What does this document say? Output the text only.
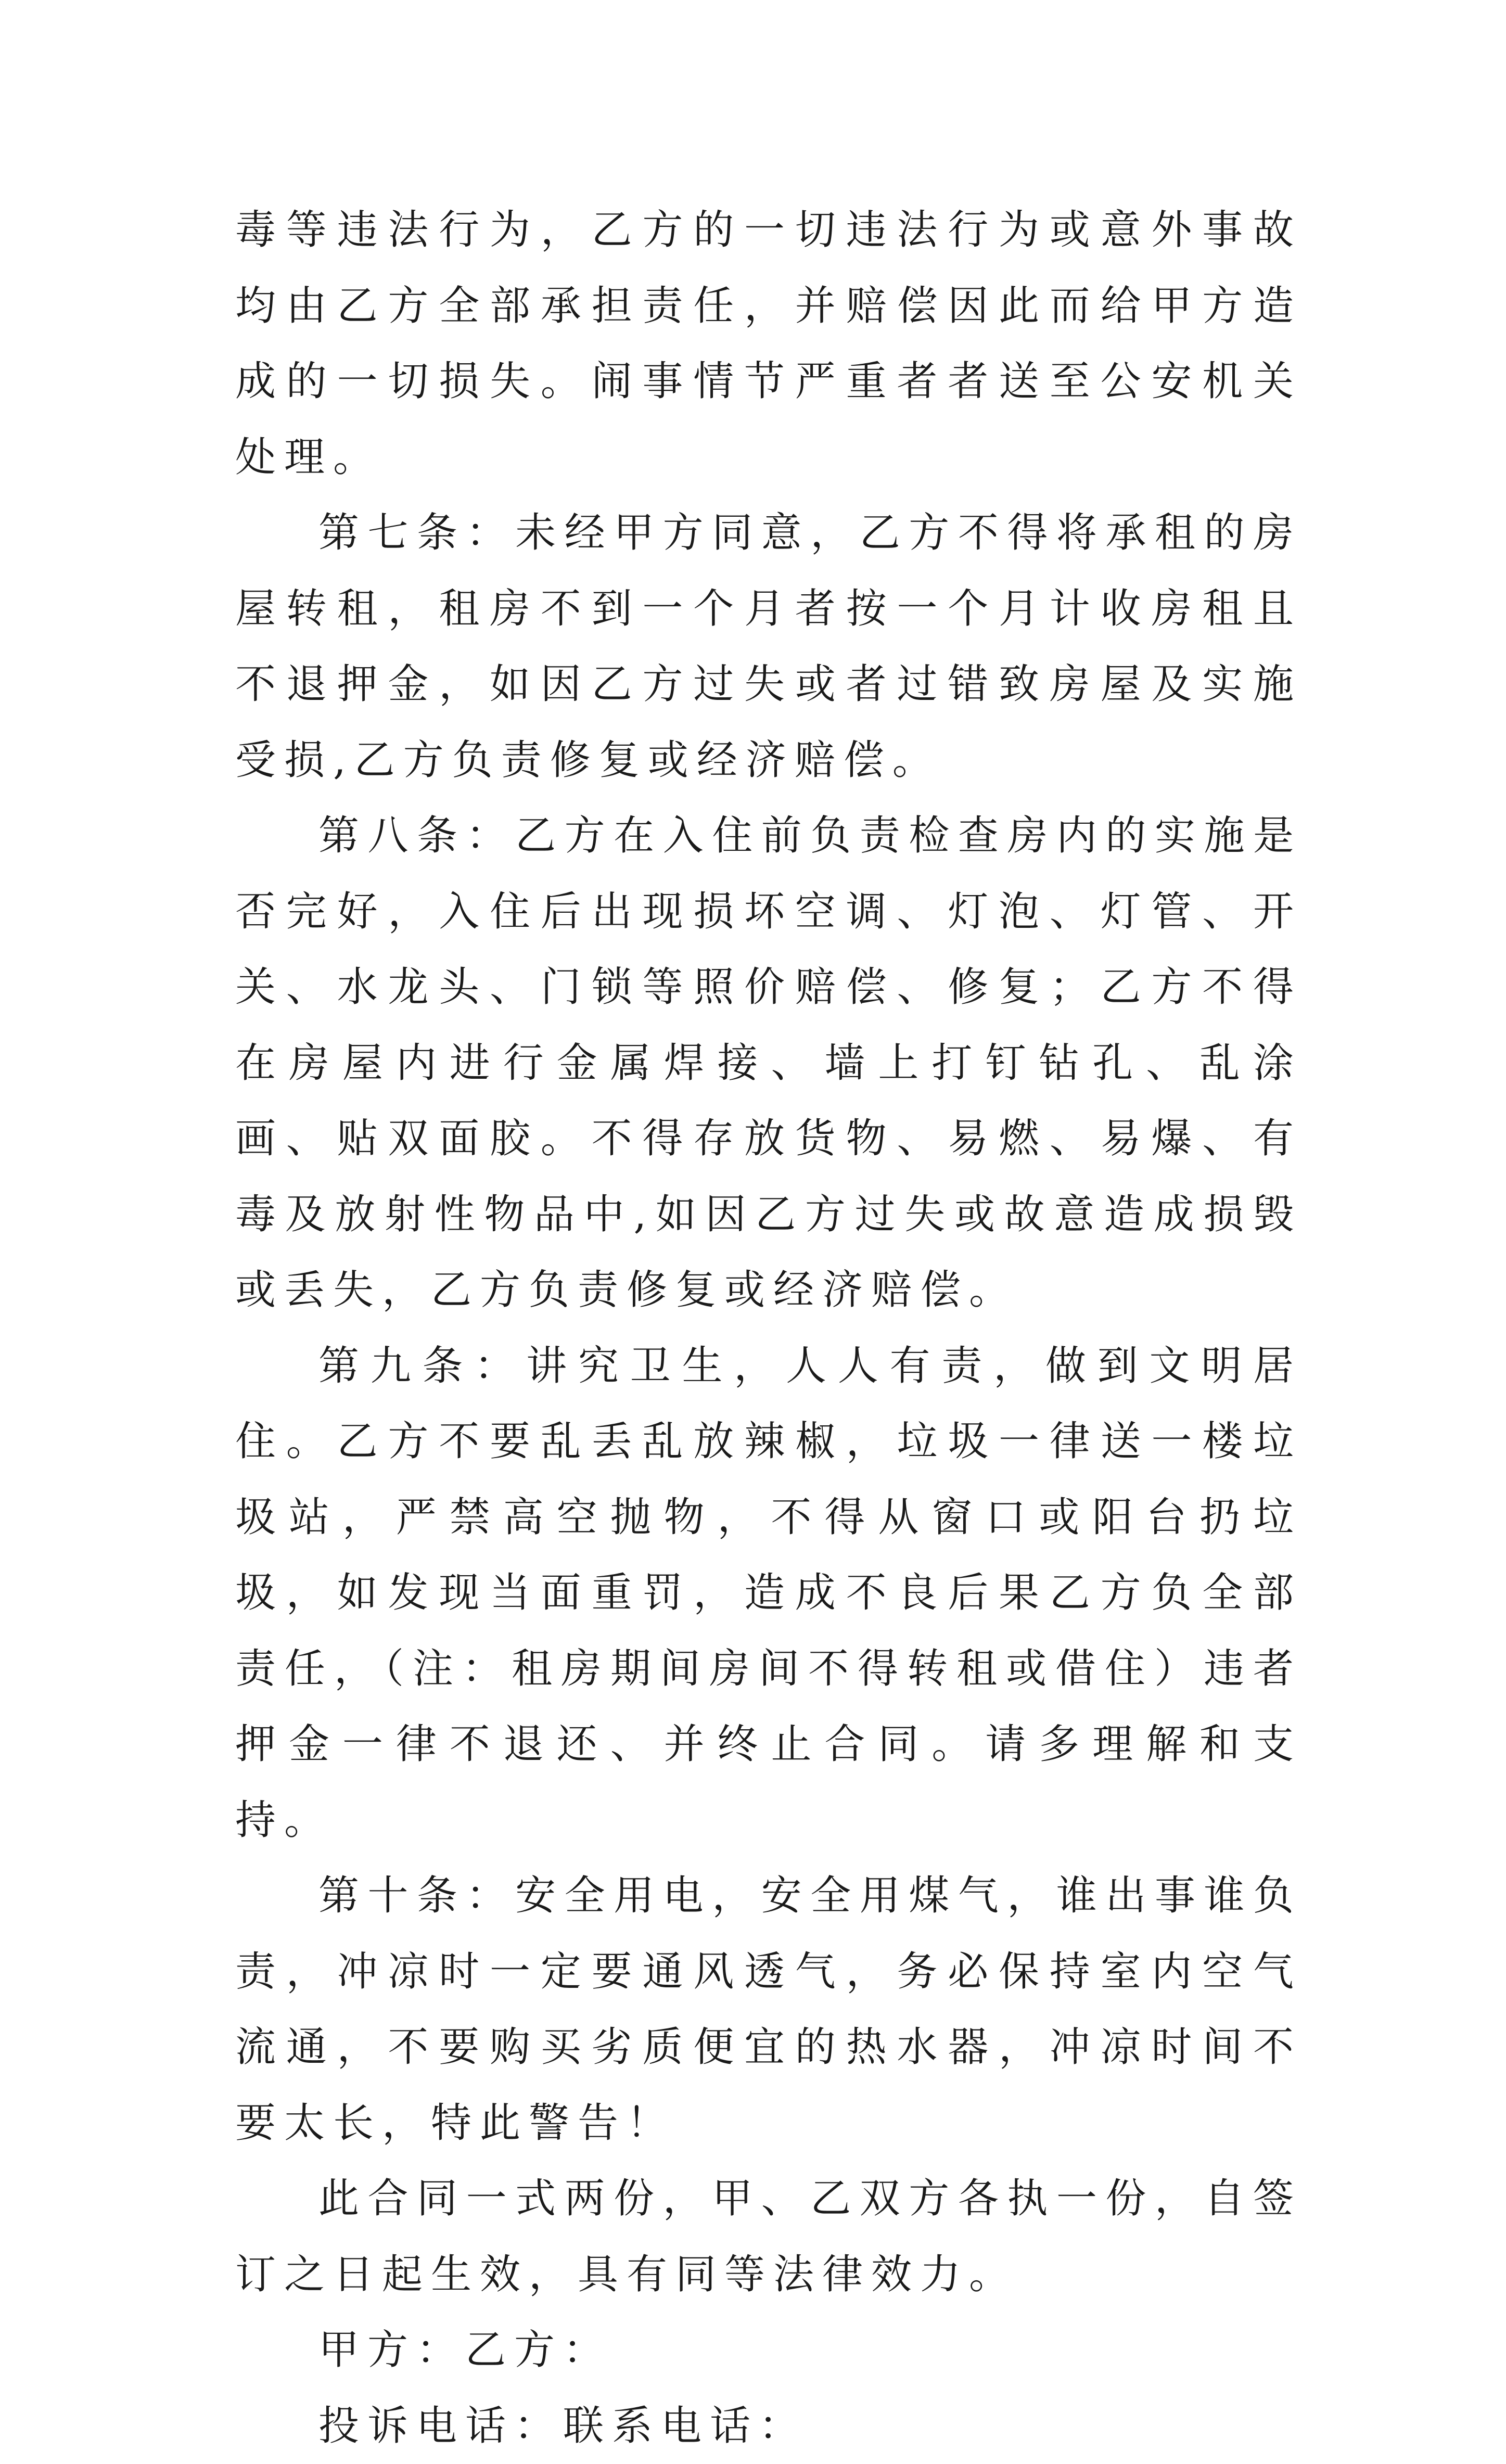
毒等违法行为，乙方的一切违法行为或意外事故均由乙方全部承担责任，并赔偿因此而给甲方造成的一切损失。闹事情节严重者者送至公安机关处理。

第七条：未经甲方同意，乙方不得将承租的房屋转租，租房不到一个月者按一个月计收房租且不退押金，如因乙方过失或者过错致房屋及实施受损,乙方负责修复或经济赔偿。

第八条：乙方在入住前负责检查房内的实施是否完好，入住后出现损坏空调、灯泡、灯管、开关、水龙头、门锁等照价赔偿、修复；乙方不得在房屋内进行金属焊接、墙上打钉钻孔、乱涂画、贴双面胶。不得存放货物、易燃、易爆、有毒及放射性物品中,如因乙方过失或故意造成损毁或丢失，乙方负责修复或经济赔偿。

第九条：讲究卫生，人人有责，做到文明居住。乙方不要乱丢乱放辣椒，垃圾一律送一楼垃圾站，严禁高空抛物，不得从窗口或阳台扔垃圾，如发现当面重罚，造成不良后果乙方负全部责任，（注：租房期间房间不得转租或借住）违者押金一律不退还、并终止合同。请多理解和支持。

第十条：安全用电，安全用煤气，谁出事谁负责，冲凉时一定要通风透气，务必保持室内空气流通，不要购买劣质便宜的热水器，冲凉时间不要太长，特此警告！

此合同一式两份，甲、乙双方各执一份，自签订之日起生效，具有同等法律效力。

甲方：乙方：

投诉电话：联系电话：
